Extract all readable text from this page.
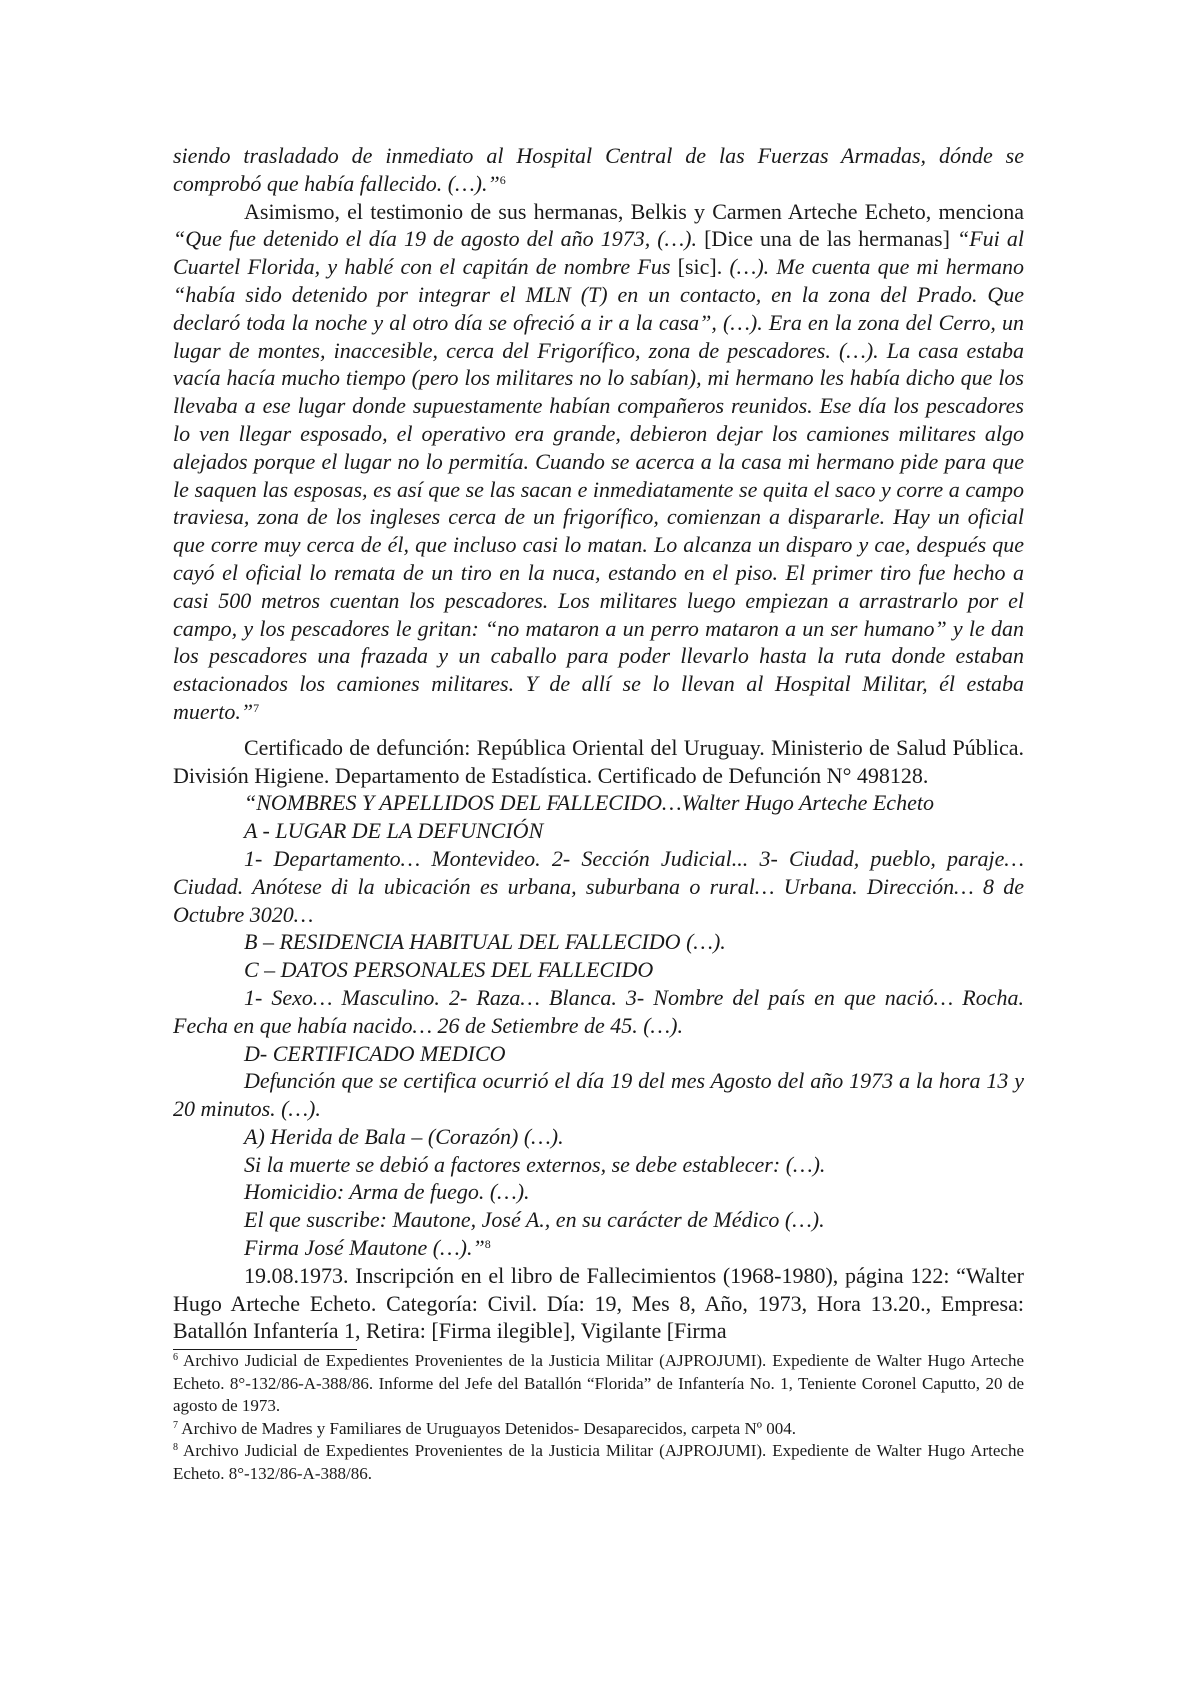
siendo trasladado de inmediato al Hospital Central de las Fuerzas Armadas, dónde se comprobó que había fallecido. (…).”$^6$

Asimismo, el testimonio de sus hermanas, Belkis y Carmen Arteche Echeto, menciona “Que fue detenido el día 19 de agosto del año 1973, (…). [Dice una de las hermanas] “Fui al Cuartel Florida, y hablé con el capitán de nombre Fus [sic]. (…). Me cuenta que mi hermano “había sido detenido por integrar el MLN (T) en un contacto, en la zona del Prado. Que declaró toda la noche y al otro día se ofreció a ir a la casa”, (…). Era en la zona del Cerro, un lugar de montes, inaccesible, cerca del Frigorífico, zona de pescadores. (…). La casa estaba vacía hacía mucho tiempo (pero los militares no lo sabían), mi hermano les había dicho que los llevaba a ese lugar donde supuestamente habían compañeros reunidos. Ese día los pescadores lo ven llegar esposado, el operativo era grande, debieron dejar los camiones militares algo alejados porque el lugar no lo permitía. Cuando se acerca a la casa mi hermano pide para que le saquen las esposas, es así que se las sacan e inmediatamente se quita el saco y corre a campo traviesa, zona de los ingleses cerca de un frigorífico, comienzan a dispararle. Hay un oficial que corre muy cerca de él, que incluso casi lo matan. Lo alcanza un disparo y cae, después que cayó el oficial lo remata de un tiro en la nuca, estando en el piso. El primer tiro fue hecho a casi 500 metros cuentan los pescadores. Los militares luego empiezan a arrastrarlo por el campo, y los pescadores le gritan: “no mataron a un perro mataron a un ser humano” y le dan los pescadores una frazada y un caballo para poder llevarlo hasta la ruta donde estaban estacionados los camiones militares. Y de allí se lo llevan al Hospital Militar, él estaba muerto.”$^7$

Certificado de defunción: República Oriental del Uruguay. Ministerio de Salud Pública. División Higiene. Departamento de Estadística. Certificado de Defunción N° 498128.

“NOMBRES Y APELLIDOS DEL FALLECIDO…Walter Hugo Arteche Echeto

A - LUGAR DE LA DEFUNCIÓN

1- Departamento… Montevideo. 2- Sección Judicial... 3- Ciudad, pueblo, paraje… Ciudad. Anótese di la ubicación es urbana, suburbana o rural… Urbana. Dirección… 8 de Octubre 3020…

B – RESIDENCIA HABITUAL DEL FALLECIDO (…).

C – DATOS PERSONALES DEL FALLECIDO

1- Sexo… Masculino. 2- Raza… Blanca. 3- Nombre del país en que nació… Rocha. Fecha en que había nacido… 26 de Setiembre de 45. (…).

D- CERTIFICADO MEDICO

Defunción que se certifica ocurrió el día 19 del mes Agosto del año 1973 a la hora 13 y 20 minutos. (…).

A) Herida de Bala – (Corazón) (…).

Si la muerte se debió a factores externos, se debe establecer: (…).

Homicidio: Arma de fuego. (…).

El que suscribe: Mautone, José A., en su carácter de Médico (…).

Firma José Mautone (…).”$^8$

19.08.1973. Inscripción en el libro de Fallecimientos (1968-1980), página 122: “Walter Hugo Arteche Echeto. Categoría: Civil. Día: 19, Mes 8, Año, 1973, Hora 13.20., Empresa: Batallón Infantería 1, Retira: [Firma ilegible], Vigilante [Firma

$^6$ Archivo Judicial de Expedientes Provenientes de la Justicia Militar (AJPROJUMI). Expediente de Walter Hugo Arteche Echeto. 8°-132/86-A-388/86. Informe del Jefe del Batallón “Florida” de Infantería No. 1, Teniente Coronel Caputto, 20 de agosto de 1973.

$^7$ Archivo de Madres y Familiares de Uruguayos Detenidos- Desaparecidos, carpeta Nº 004.

$^8$ Archivo Judicial de Expedientes Provenientes de la Justicia Militar (AJPROJUMI). Expediente de Walter Hugo Arteche Echeto. 8°-132/86-A-388/86.
